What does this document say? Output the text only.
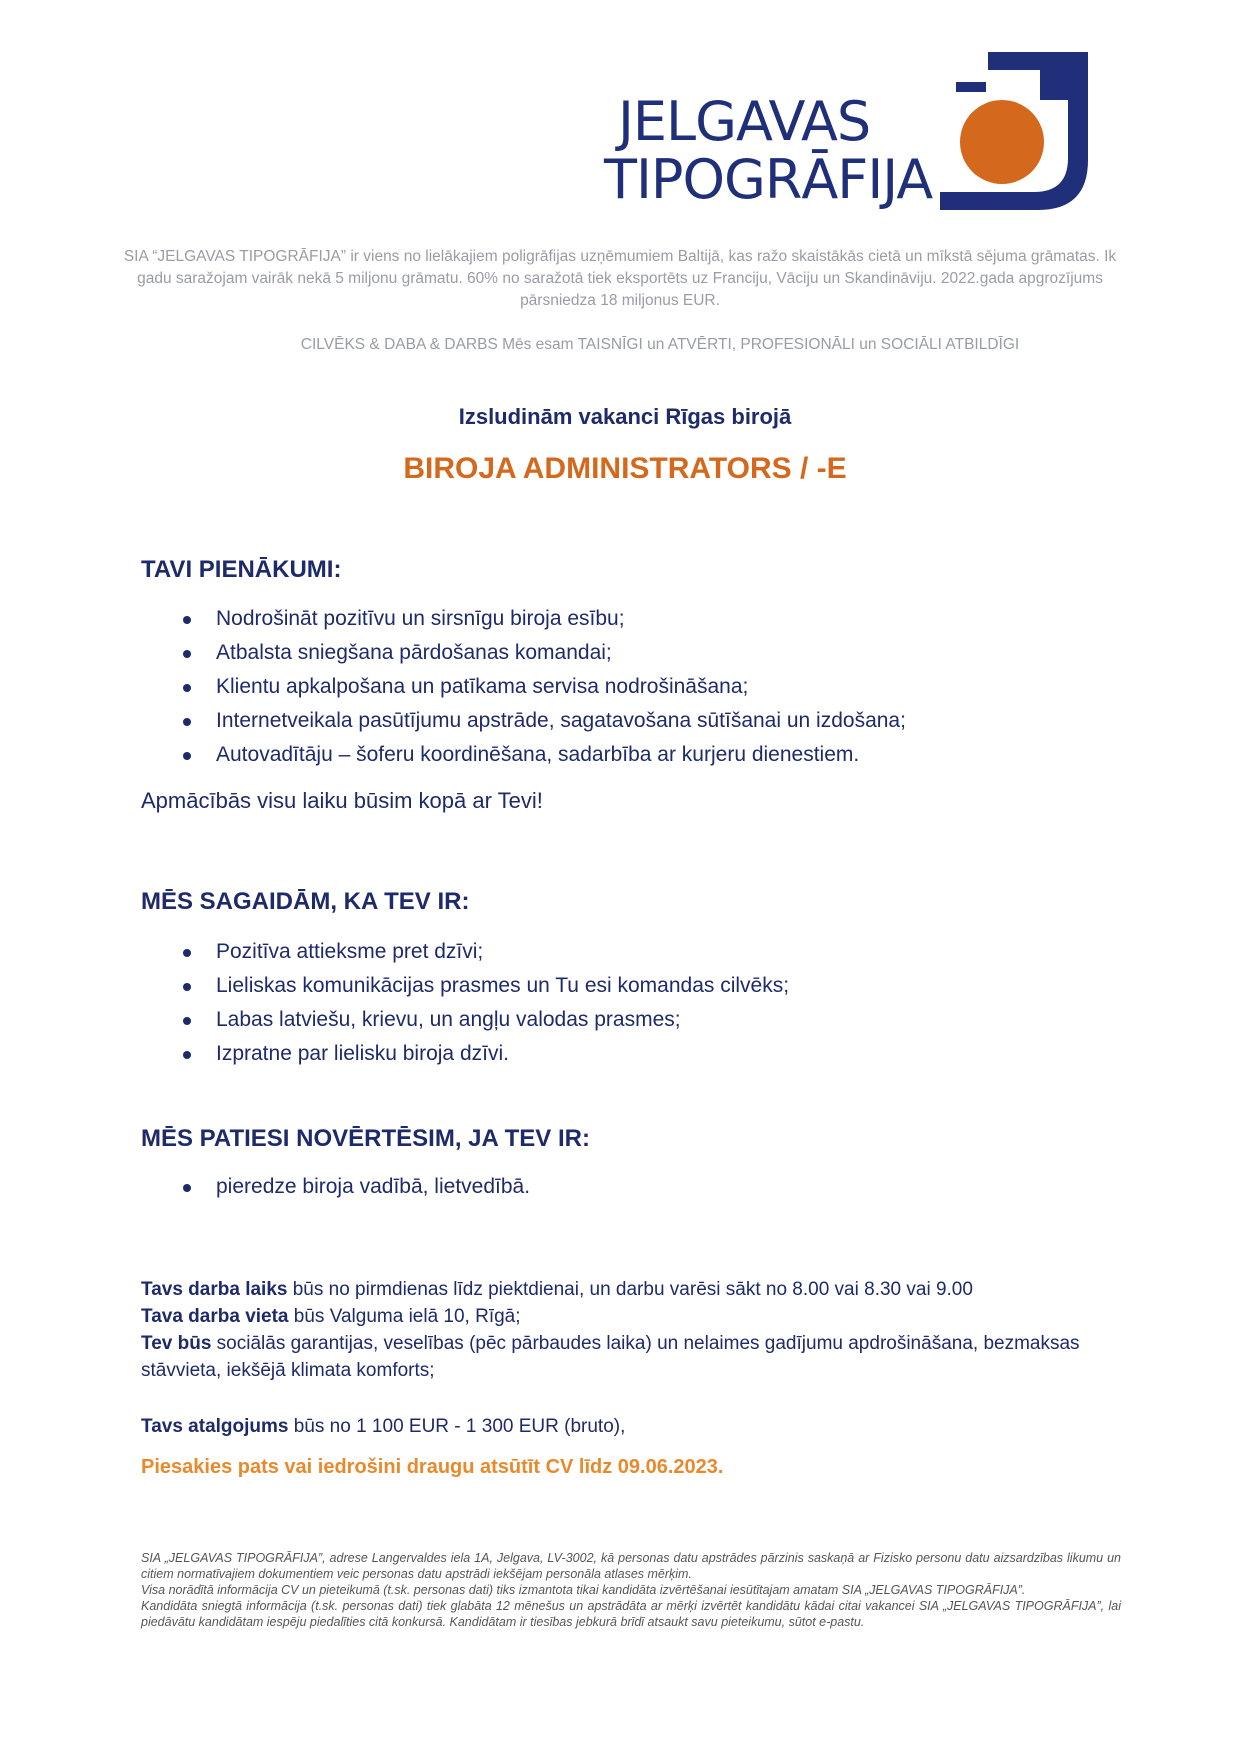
JELGAVAS
TIPOGRĀFIJA
SIA “JELGAVAS TIPOGRĀFIJA” ir viens no lielākajiem poligrāfijas uzņēmumiem Baltijā, kas ražo skaistākās cietā un mīkstā sējuma grāmatas. Ik gadu saražojam vairāk nekā 5 miljonu grāmatu. 60% no saražotā tiek eksportēts uz Franciju, Vāciju un Skandināviju. 2022.gada apgrozījums pārsniedza 18 miljonus EUR.
CILVĒKS & DABA & DARBS Mēs esam TAISNĪGI un ATVĒRTI, PROFESIONĀLI un SOCIĀLI ATBILDĪGI
Izsludinām vakanci Rīgas birojā
BIROJA ADMINISTRATORS / -E
TAVI PIENĀKUMI:
Nodrošināt pozitīvu un sirsnīgu biroja esību;
Atbalsta sniegšana pārdošanas komandai;
Klientu apkalpošana un patīkama servisa nodrošināšana;
Internetveikala pasūtījumu apstrāde, sagatavošana sūtīšanai un izdošana;
Autovadītāju – šoferu koordinēšana, sadarbība ar kurjeru dienestiem.
Apmācībās visu laiku būsim kopā ar Tevi!
MĒS SAGAIDĀM, KA TEV IR:
Pozitīva attieksme pret dzīvi;
Lieliskas komunikācijas prasmes un Tu esi komandas cilvēks;
Labas latviešu, krievu, un angļu valodas prasmes;
Izpratne par lielisku biroja dzīvi.
MĒS PATIESI NOVĒRTĒSIM, JA TEV IR:
pieredze biroja vadībā, lietvedībā.
Tavs darba laiks būs no pirmdienas līdz piektdienai, un darbu varēsi sākt no 8.00 vai 8.30 vai 9.00
Tava darba vieta būs Valguma ielā 10, Rīgā;
Tev būs sociālās garantijas, veselības (pēc pārbaudes laika) un nelaimes gadījumu apdrošināšana, bezmaksas stāvvieta, iekšējā klimata komforts;
Tavs atalgojums būs no 1 100 EUR - 1 300 EUR (bruto),
Piesakies pats vai iedrošini draugu atsūtīt CV līdz 09.06.2023.

SIA „JELGAVAS TIPOGRĀFIJA”, adrese Langervaldes iela 1A, Jelgava, LV-3002, kā personas datu apstrādes pārzinis saskaņā ar Fizisko personu datu aizsardzības likumu un citiem normatīvajiem dokumentiem veic personas datu apstrādi iekšējam personāla atlases mērķim.

Visa norādītā informācija CV un pieteikumā (t.sk. personas dati) tiks izmantota tikai kandidāta izvērtēšanai iesūtītajam amatam SIA „JELGAVAS TIPOGRĀFIJA”.

Kandidāta sniegtā informācija (t.sk. personas dati) tiek glabāta 12 mēnešus un apstrādāta ar mērķi izvērtēt kandidātu kādai citai vakancei SIA „JELGAVAS TIPOGRĀFIJA”, lai piedāvātu kandidātam iespēju piedalīties citā konkursā. Kandidātam ir tiesības jebkurā brīdī atsaukt savu pieteikumu, sūtot e-pastu.
